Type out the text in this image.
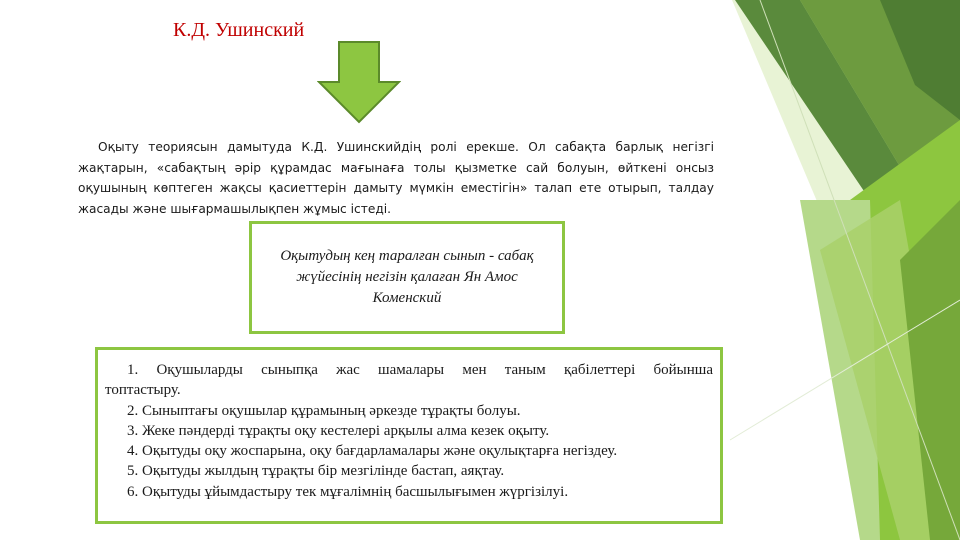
К.Д. Ушинский
Оқыту теориясын дамытуда К.Д. Ушинскийдің ролі ерекше. Ол сабақта барлық негізгі жақтарын, «сабақтың әрір құрамдас мағынаға толы қызметке сай болуын, өйткені онсыз оқушының көптеген жақсы қасиеттерін дамыту мүмкін еместігін» талап ете отырып, талдау жасады және шығармашылықпен жұмыс істеді.
Оқытудың кең таралған сынып - сабақ жүйесінің негізін қалаған Ян Амос Коменский
1. Оқушыларды сыныпқа жас шамалары мен таным қабілеттері бойынша топтастыру.
2. Сыныптағы оқушылар құрамының әркезде тұрақты болуы.
3. Жеке пәндерді тұрақты оқу кестелері арқылы алма кезек оқыту.
4. Оқытуды оқу жоспарына, оқу бағдарламалары және оқулықтарға негіздеу.
5. Оқытуды жылдың тұрақты бір мезгілінде бастап, аяқтау.
6. Оқытуды ұйымдастыру тек мұғалімнің басшылығымен жүргізілуі.
